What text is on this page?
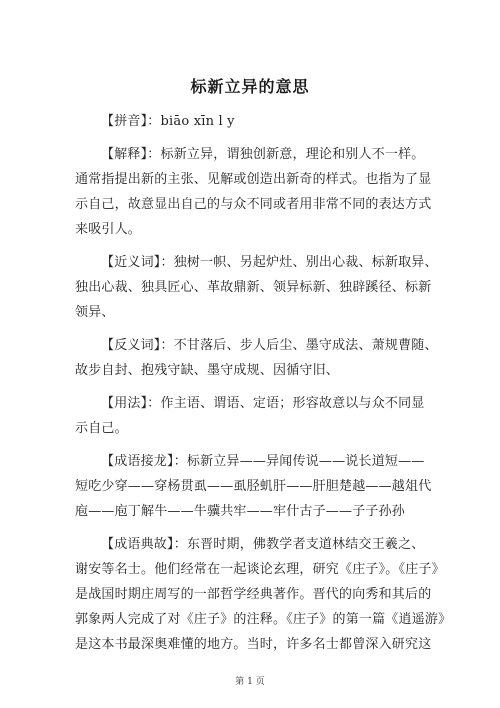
标新立异的意思
【拼音】：biāo xīn l y
【解释】：标新立异，谓独创新意，理论和别人不一样。
通常指提出新的主张、见解或创造出新奇的样式。也指为了显
示自己，故意显出自己的与众不同或者用非常不同的表达方式
来吸引人。
【近义词】：独树一帜、另起炉灶、别出心裁、标新取异、
独出心裁、独具匠心、革故鼎新、领异标新、独辟蹊径、标新
领异、
【反义词】：不甘落后、步人后尘、墨守成法、萧规曹随、
故步自封、抱残守缺、墨守成规、因循守旧、
【用法】：作主语、谓语、定语；形容故意以与众不同显
示自己。
【成语接龙】：标新立异——异闻传说——说长道短——
短吃少穿——穿杨贯虱——虱胫虮肝——肝胆楚越——越俎代
庖——庖丁解牛——牛骥共牢——牢什古子——子子孙孙
【成语典故】：东晋时期，佛教学者支道林结交王羲之、
谢安等名士。他们经常在一起谈论玄理，研究《庄子》。《庄子》
是战国时期庄周写的一部哲学经典著作。晋代的向秀和其后的
郭象两人完成了对《庄子》的注释。《庄子》的第一篇《逍遥游》
是这本书最深奥难懂的地方。当时，许多名士都曾深入研究这
第 1 页
